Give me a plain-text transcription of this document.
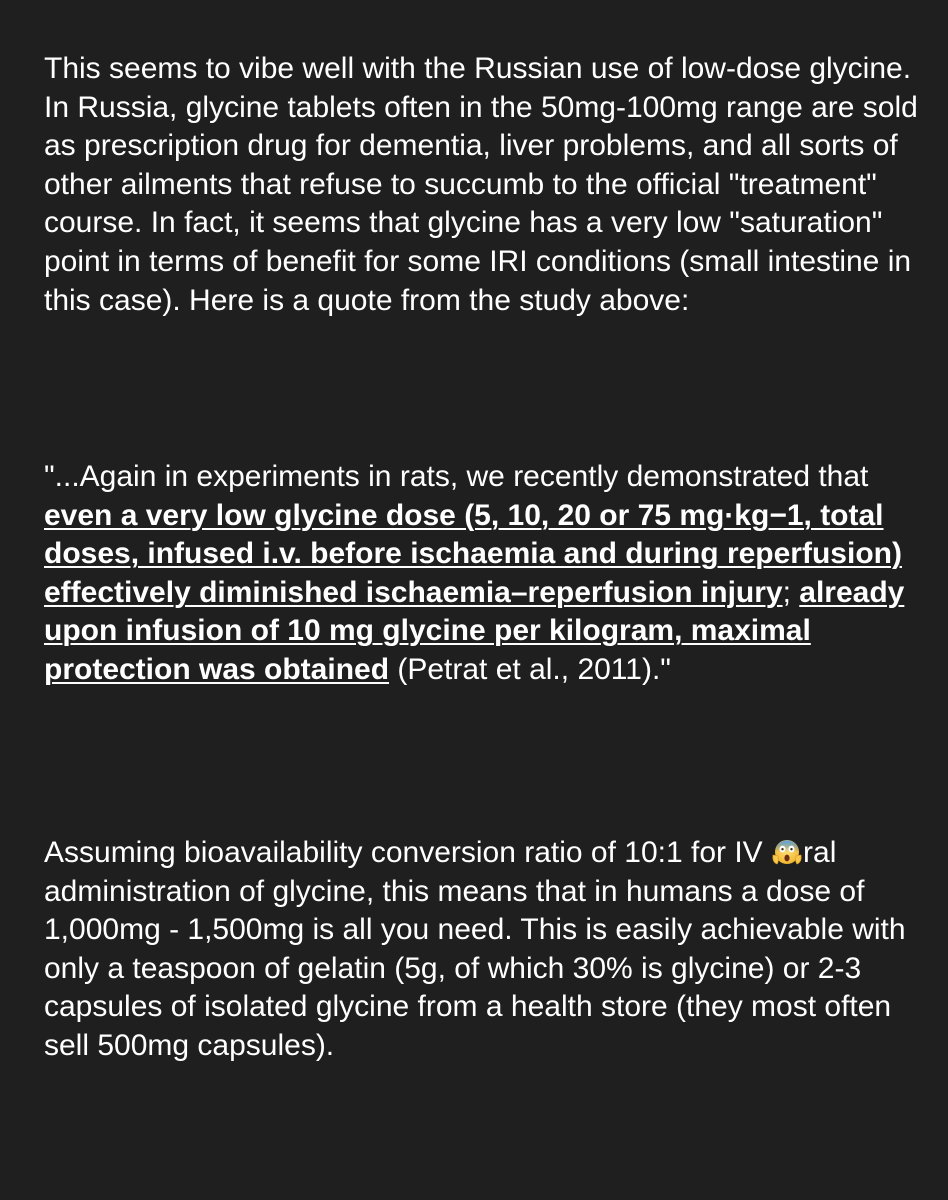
This seems to vibe well with the Russian use of low-dose glycine. In Russia, glycine tablets often in the 50mg-100mg range are sold as prescription drug for dementia, liver problems, and all sorts of other ailments that refuse to succumb to the official "treatment" course. In fact, it seems that glycine has a very low "saturation" point in terms of benefit for some IRI conditions (small intestine in this case). Here is a quote from the study above:

"...Again in experiments in rats, we recently demonstrated that even a very low glycine dose (5, 10, 20 or 75 mg·kg−1, total doses, infused i.v. before ischaemia and during reperfusion) effectively diminished ischaemia–reperfusion injury; already upon infusion of 10 mg glycine per kilogram, maximal protection was obtained (Petrat et al., 2011)."

Assuming bioavailability conversion ratio of 10:1 for IV ral administration of glycine, this means that in humans a dose of 1,000mg - 1,500mg is all you need. This is easily achievable with only a teaspoon of gelatin (5g, of which 30% is glycine) or 2-3 capsules of isolated glycine from a health store (they most often sell 500mg capsules).
